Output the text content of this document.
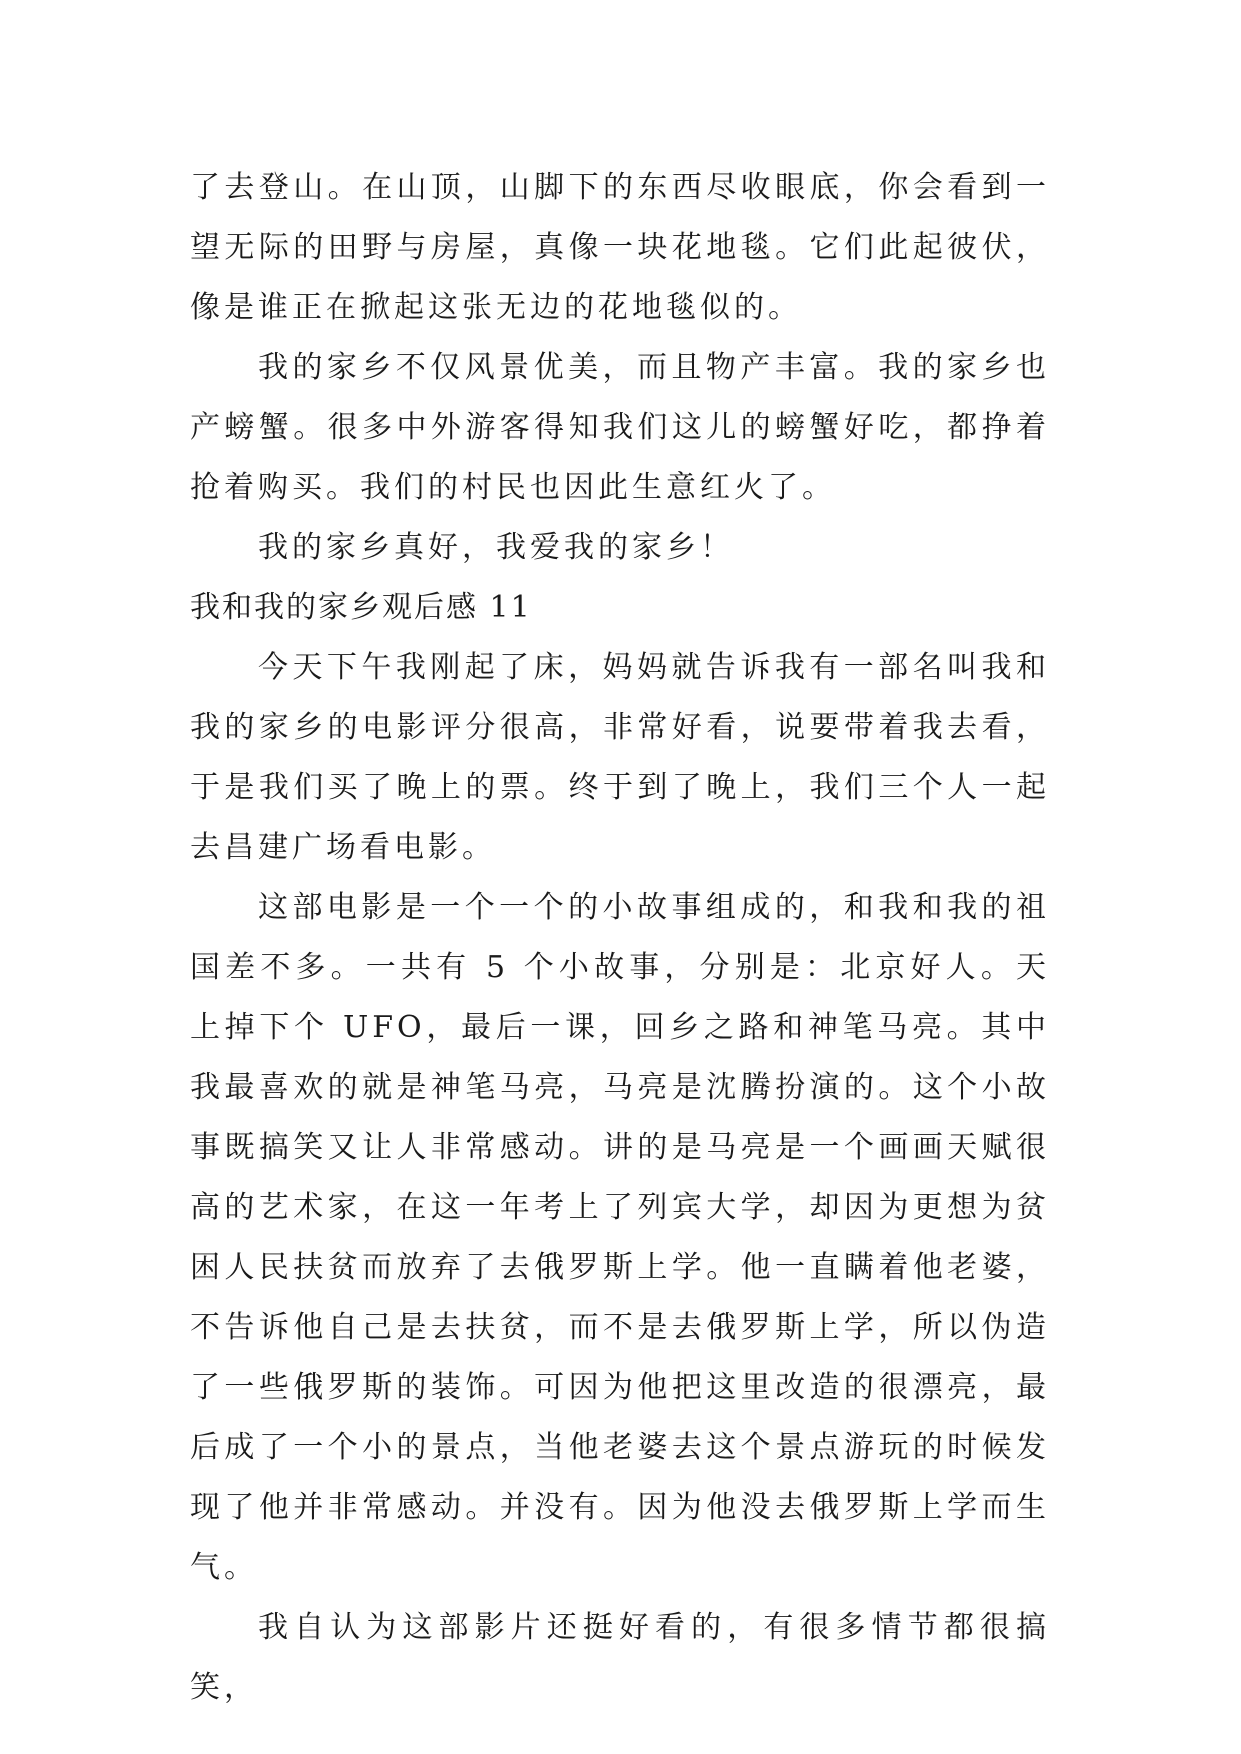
了去登山。在山顶，山脚下的东西尽收眼底，你会看到一望无际的田野与房屋，真像一块花地毯。它们此起彼伏，像是谁正在掀起这张无边的花地毯似的。

我的家乡不仅风景优美，而且物产丰富。我的家乡也产螃蟹。很多中外游客得知我们这儿的螃蟹好吃，都挣着抢着购买。我们的村民也因此生意红火了。

我的家乡真好，我爱我的家乡！

我和我的家乡观后感 11

今天下午我刚起了床，妈妈就告诉我有一部名叫我和我的家乡的电影评分很高，非常好看，说要带着我去看，于是我们买了晚上的票。终于到了晚上，我们三个人一起去昌建广场看电影。

这部电影是一个一个的小故事组成的，和我和我的祖国差不多。一共有 5 个小故事，分别是：北京好人。天上掉下个 UFO，最后一课，回乡之路和神笔马亮。其中我最喜欢的就是神笔马亮，马亮是沈腾扮演的。这个小故事既搞笑又让人非常感动。讲的是马亮是一个画画天赋很高的艺术家，在这一年考上了列宾大学，却因为更想为贫困人民扶贫而放弃了去俄罗斯上学。他一直瞒着他老婆，不告诉他自己是去扶贫，而不是去俄罗斯上学，所以伪造了一些俄罗斯的装饰。可因为他把这里改造的很漂亮，最后成了一个小的景点，当他老婆去这个景点游玩的时候发现了他并非常感动。并没有。因为他没去俄罗斯上学而生气。

我自认为这部影片还挺好看的，有很多情节都很搞笑，
